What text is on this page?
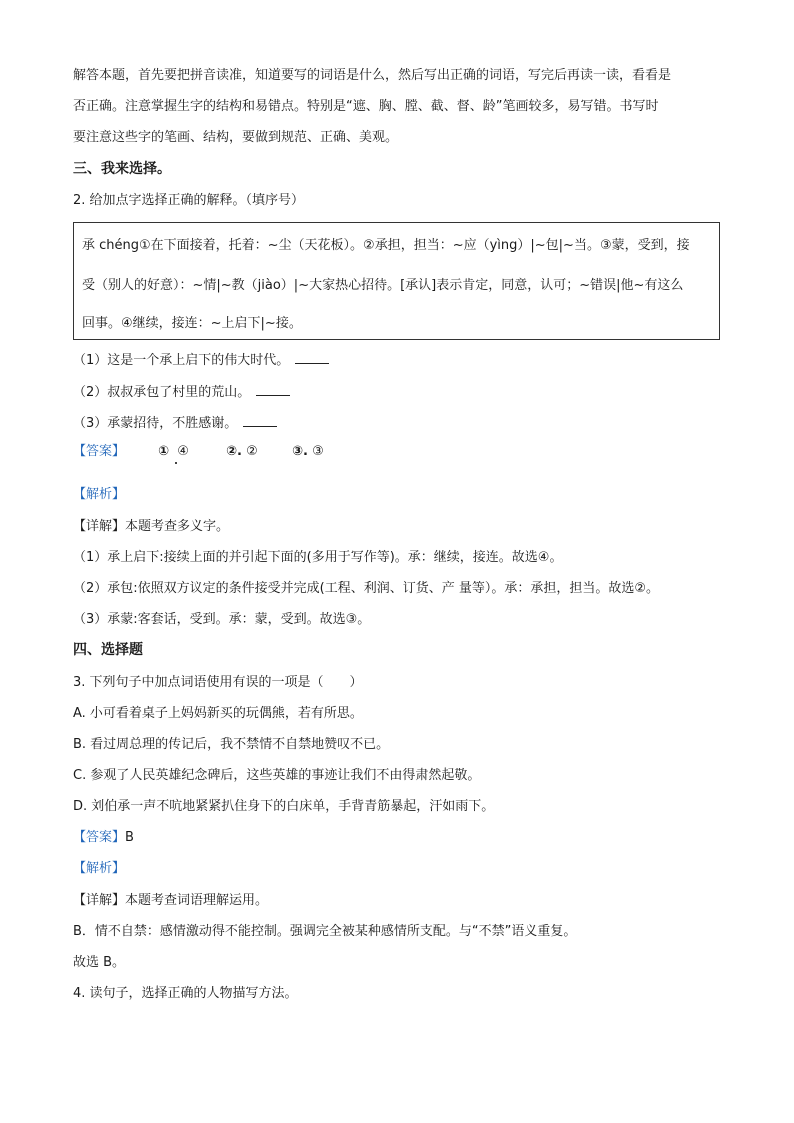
解答本题，首先要把拼音读准，知道要写的词语是什么，然后写出正确的词语，写完后再读一读，看看是
否正确。注意掌握生字的结构和易错点。特别是“遮、胸、膛、截、督、龄”笔画较多，易写错。书写时
要注意这些字的笔画、结构，要做到规范、正确、美观。
三、我来选择。
2. 给加点字选择正确的解释。（填序号）
承 chéng①在下面接着，托着：~尘（天花板）。②承担，担当：~应（yìng）|~包|~当。③蒙，受到，接
受（别人的好意）：~情|~教（jiào）|~大家热心招待。[承认]表示肯定，同意，认可；~错误|他~有这么
回事。④继续，接连：~上启下|~接。
（1）这是一个承上启下的伟大时代。
（2）叔叔承包了村里的荒山。
（3）承蒙招待，不胜感谢。
【答案】	① ④	②. ②	③. ③
【解析】
【详解】本题考查多义字。
（1）承上启下:接续上面的并引起下面的(多用于写作等)。承：继续，接连。故选④。
（2）承包:依照双方议定的条件接受并完成(工程、利润、订货、产 量等）。承：承担，担当。故选②。
（3）承蒙:客套话，受到。承：蒙，受到。故选③。
四、选择题
3. 下列句子中加点词语使用有误的一项是（　　）
A. 小可看着桌子上妈妈新买的玩偶熊，若有所思。
B. 看过周总理的传记后，我不禁情不自禁地赞叹不已。
C. 参观了人民英雄纪念碑后，这些英雄的事迹让我们不由得肃然起敬。
D. 刘伯承一声不吭地紧紧扒住身下的白床单，手背青筋暴起，汗如雨下。
【答案】B
【解析】
【详解】本题考查词语理解运用。
B．情不自禁：感情激动得不能控制。强调完全被某种感情所支配。与“不禁”语义重复。
故选 B。
4. 读句子，选择正确的人物描写方法。
